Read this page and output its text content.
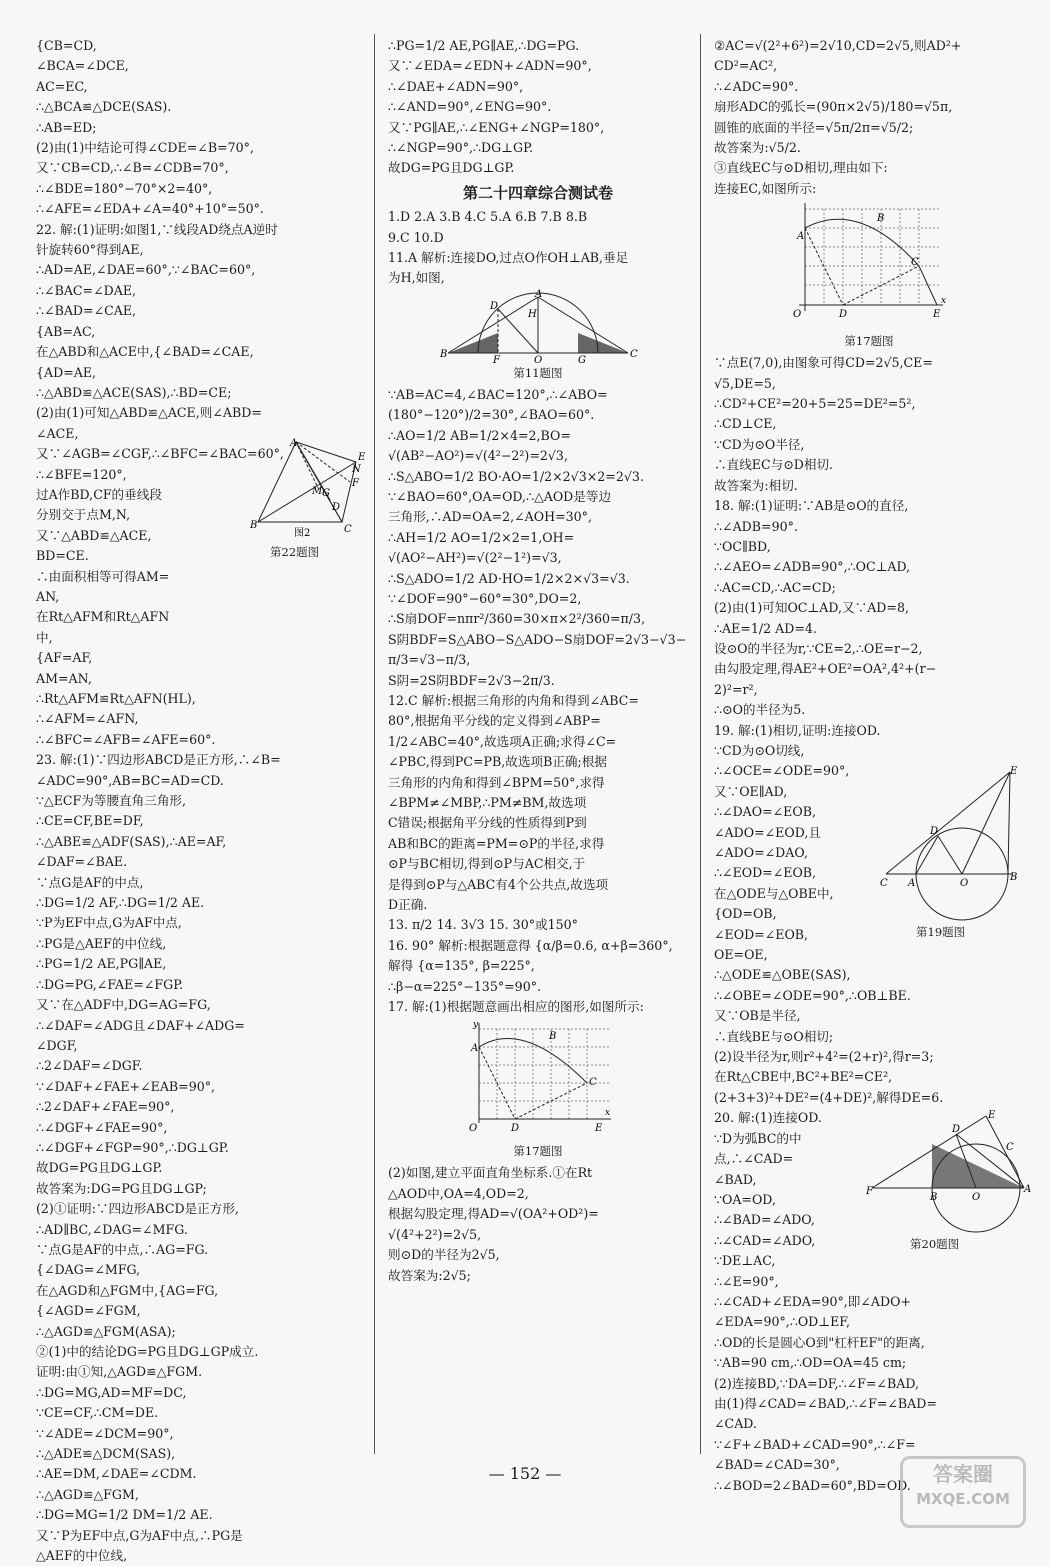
{CB=CD,
∠BCA=∠DCE,
AC=EC,
∴△BCA≌△DCE(SAS).
∴AB=ED;
(2)由(1)中结论可得∠CDE=∠B=70°,
又∵CB=CD,∴∠B=∠CDB=70°,
∴∠BDE=180°−70°×2=40°,
∴∠AFE=∠EDA+∠A=40°+10°=50°.
22. 解:(1)证明:如图1,∵线段AD绕点A逆时
针旋转60°得到AE,
∴AD=AE,∠DAE=60°,∵∠BAC=60°,
∴∠BAC=∠DAE,
∴∠BAD=∠CAE,
{AB=AC,
在△ABD和△ACE中,{∠BAD=∠CAE,
{AD=AE,
∴△ABD≌△ACE(SAS),∴BD=CE;
(2)由(1)可知△ABD≌△ACE,则∠ABD=
∠ACE,
又∵∠AGB=∠CGF,∴∠BFC=∠BAC=60°,
∴∠BFE=120°,
过A作BD,CF的垂线段
分别交于点M,N,
又∵△ABD≌△ACE,
BD=CE.
∴由面积相等可得AM=
AN,
在Rt△AFM和Rt△AFN
中,
{AF=AF,
AM=AN,
∴Rt△AFM≌Rt△AFN(HL),
∴∠AFM=∠AFN,
∴∠BFC=∠AFB=∠AFE=60°.
23. 解:(1)∵四边形ABCD是正方形,∴∠B=
∠ADC=90°,AB=BC=AD=CD.
∵△ECF为等腰直角三角形,
∴CE=CF,BE=DF,
∴△ABE≌△ADF(SAS),∴AE=AF,
∠DAF=∠BAE.
∵点G是AF的中点,
∴DG=1/2 AF,∴DG=1/2 AE.
∵P为EF中点,G为AF中点,
∴PG是△AEF的中位线,
∴PG=1/2 AE,PG∥AE,
∴DG=PG,∠FAE=∠FGP.
又∵在△ADF中,DG=AG=FG,
∴∠DAF=∠ADG且∠DAF+∠ADG=
∠DGF,
∴2∠DAF=∠DGF.
∵∠DAF+∠FAE+∠EAB=90°,
∴2∠DAF+∠FAE=90°,
∴∠DGF+∠FAE=90°,
∴∠DGF+∠FGP=90°,∴DG⊥GP.
故DG=PG且DG⊥GP.
故答案为:DG=PG且DG⊥GP;
(2)①证明:∵四边形ABCD是正方形,
∴AD∥BC,∠DAG=∠MFG.
∵点G是AF的中点,∴AG=FG.
{∠DAG=∠MFG,
在△AGD和△FGM中,{AG=FG,
{∠AGD=∠FGM,
∴△AGD≌△FGM(ASA);
②(1)中的结论DG=PG且DG⊥GP成立.
证明:由①知,△AGD≌△FGM.
∴DG=MG,AD=MF=DC,
∵CE=CF,∴CM=DE.
∵∠ADE=∠DCM=90°,
∴△ADE≌△DCM(SAS),
∴AE=DM,∠DAE=∠CDM.
∴△AGD≌△FGM,
∴DG=MG=1/2 DM=1/2 AE.
又∵P为EF中点,G为AF中点,∴PG是
△AEF的中位线,
A
B	C
E
F
N
G
M
D
图2
第22题图
∴PG=1/2 AE,PG∥AE,∴DG=PG.
又∵∠EDA=∠EDN+∠ADN=90°,
∴∠DAE+∠ADN=90°,
∴∠AND=90°,∠ENG=90°.
又∵PG∥AE,∴∠ENG+∠NGP=180°,
∴∠NGP=90°,∴DG⊥GP.
故DG=PG且DG⊥GP.
第二十四章综合测试卷
1.D 2.A 3.B 4.C 5.A 6.B 7.B 8.B
9.C 10.D
11.A 解析:连接DO,过点O作OH⊥AB,垂足
为H,如图,
A
B	C
D
H
O
F	G
第11题图
∵AB=AC=4,∠BAC=120°,∴∠ABO=
(180°−120°)/2=30°,∠BAO=60°.
∴AO=1/2 AB=1/2×4=2,BO=
√(AB²−AO²)=√(4²−2²)=2√3,
∴S△ABO=1/2 BO·AO=1/2×2√3×2=2√3.
∵∠BAO=60°,OA=OD,∴△AOD是等边
三角形,∴AD=OA=2,∠AOH=30°,
∴AH=1/2 AO=1/2×2=1,OH=
√(AO²−AH²)=√(2²−1²)=√3,
∴S△ADO=1/2 AD·HO=1/2×2×√3=√3.
∵∠DOF=90°−60°=30°,DO=2,
∴S扇DOF=nπr²/360=30×π×2²/360=π/3,
S阴BDF=S△ABO−S△ADO−S扇DOF=2√3−√3−
π/3=√3−π/3,
S阴=2S阴BDF=2√3−2π/3.
12.C 解析:根据三角形的内角和得到∠ABC=
80°,根据角平分线的定义得到∠ABP=
1/2∠ABC=40°,故选项A正确;求得∠C=
∠PBC,得到PC=PB,故选项B正确;根据
三角形的内角和得到∠BPM=50°,求得
∠BPM≠∠MBP,∴PM≠BM,故选项
C错误;根据角平分线的性质得到P到
AB和BC的距离=PM=⊙P的半径,求得
⊙P与BC相切,得到⊙P与AC相交,于
是得到⊙P与△ABC有4个公共点,故选项
D正确.
13. π/2 14. 3√3 15. 30°或150°
16. 90° 解析:根据题意得 {α/β=0.6, α+β=360°,
解得 {α=135°, β=225°,
∴β−α=225°−135°=90°.
17. 解:(1)根据题意画出相应的图形,如图所示:
A
B
C
D
O	E
x
y
第17题图
(2)如图,建立平面直角坐标系.①在Rt
△AOD中,OA=4,OD=2,
根据勾股定理,得AD=√(OA²+OD²)=
√(4²+2²)=2√5,
则⊙D的半径为2√5,
故答案为:2√5;
②AC=√(2²+6²)=2√10,CD=2√5,则AD²+
CD²=AC²,
∴∠ADC=90°.
扇形ADC的弧长=(90π×2√5)/180=√5π,
圆锥的底面的半径=√5π/2π=√5/2;
故答案为:√5/2.
③直线EC与⊙D相切,理由如下:
连接EC,如图所示:
A
B
C
D
O	E
x
第17题图
∵点E(7,0),由图象可得CD=2√5,CE=
√5,DE=5,
∴CD²+CE²=20+5=25=DE²=5²,
∴CD⊥CE,
∵CD为⊙O半径,
∴直线EC与⊙D相切.
故答案为:相切.
18. 解:(1)证明:∵AB是⊙O的直径,
∴∠ADB=90°.
∵OC∥BD,
∴∠AEO=∠ADB=90°,∴OC⊥AD,
∴AC=CD,∴AC=CD;
(2)由(1)可知OC⊥AD,又∵AD=8,
∴AE=1/2 AD=4.
设⊙O的半径为r,∵CE=2,∴OE=r−2,
由勾股定理,得AE²+OE²=OA²,4²+(r−
2)²=r²,
∴⊙O的半径为5.
19. 解:(1)相切,证明:连接OD.
∵CD为⊙O切线,
∴∠OCE=∠ODE=90°,
又∵OE∥AD,
∴∠DAO=∠EOB,
∠ADO=∠EOD,且
∠ADO=∠DAO,
∴∠EOD=∠EOB,
在△ODE与△OBE中,
{OD=OB,
∠EOD=∠EOB,
OE=OE,
∴△ODE≌△OBE(SAS),
∴∠OBE=∠ODE=90°,∴OB⊥BE.
又∵OB是半径,
∴直线BE与⊙O相切;
(2)设半径为r,则r²+4²=(2+r)²,得r=3;
在Rt△CBE中,BC²+BE²=CE²,
(2+3+3)²+DE²=(4+DE)²,解得DE=6.
20. 解:(1)连接OD.
∵D为弧BC的中
点,∴∠CAD=
∠BAD,
∵OA=OD,
∴∠BAD=∠ADO,
∴∠CAD=∠ADO,
∵DE⊥AC,
∴∠E=90°,
∴∠CAD+∠EDA=90°,即∠ADO+
∠EDA=90°,∴OD⊥EF,
∴OD的长是圆心O到"杠杆EF"的距离,
∵AB=90 cm,∴OD=OA=45 cm;
(2)连接BD,∵DA=DF,∴∠F=∠BAD,
由(1)得∠CAD=∠BAD,∴∠F=∠BAD=
∠CAD.
∵∠F+∠BAD+∠CAD=90°,∴∠F=
∠BAD=∠CAD=30°,
∴∠BOD=2∠BAD=60°,BD=OD.
C A	O
B
D
E
第19题图
F
B	O
A
D
E
C
第20题图
— 152 —	答案圈
MXQE.COM
